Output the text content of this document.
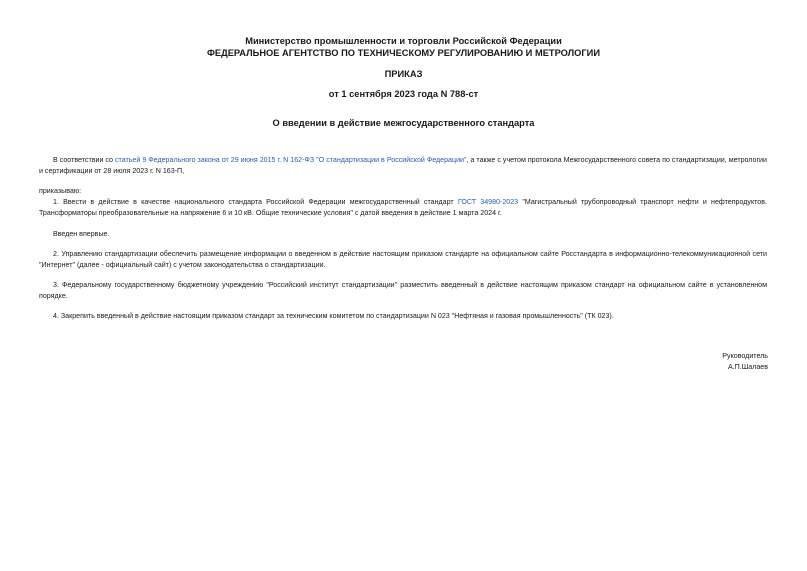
Министерство промышленности и торговли Российской Федерации
ФЕДЕРАЛЬНОЕ АГЕНТСТВО ПО ТЕХНИЧЕСКОМУ РЕГУЛИРОВАНИЮ И МЕТРОЛОГИИ
ПРИКАЗ
от 1 сентября 2023 года N 788-ст
О введении в действие межгосударственного стандарта
В соответствии со статьей 9 Федерального закона от 29 июня 2015 г. N 162-ФЗ "О стандартизации в Российской Федерации", а также с учетом протокола Межгосударственного совета по стандартизации, метрологии и сертификации от 28 июля 2023 г. N 163-П,
приказываю:
1. Ввести в действие в качестве национального стандарта Российской Федерации межгосударственный стандарт ГОСТ 34980-2023 "Магистральный трубопроводный транспорт нефти и нефтепродуктов. Трансформаторы преобразовательные на напряжение 6 и 10 кВ. Общие технические условия" с датой введения в действие 1 марта 2024 г.
Введен впервые.
2. Управлению стандартизации обеспечить размещение информации о введенном в действие настоящим приказом стандарте на официальном сайте Росстандарта в информационно-телекоммуникационной сети "Интернет" (далее - официальный сайт) с учетом законодательства о стандартизации.
3. Федеральному государственному бюджетному учреждению "Российский институт стандартизации" разместить введенный в действие настоящим приказом стандарт на официальном сайте в установленном порядке.
4. Закрепить введенный в действие настоящим приказом стандарт за техническим комитетом по стандартизации N 023 "Нефтяная и газовая промышленность" (ТК 023).
Руководитель
А.П.Шалаев
